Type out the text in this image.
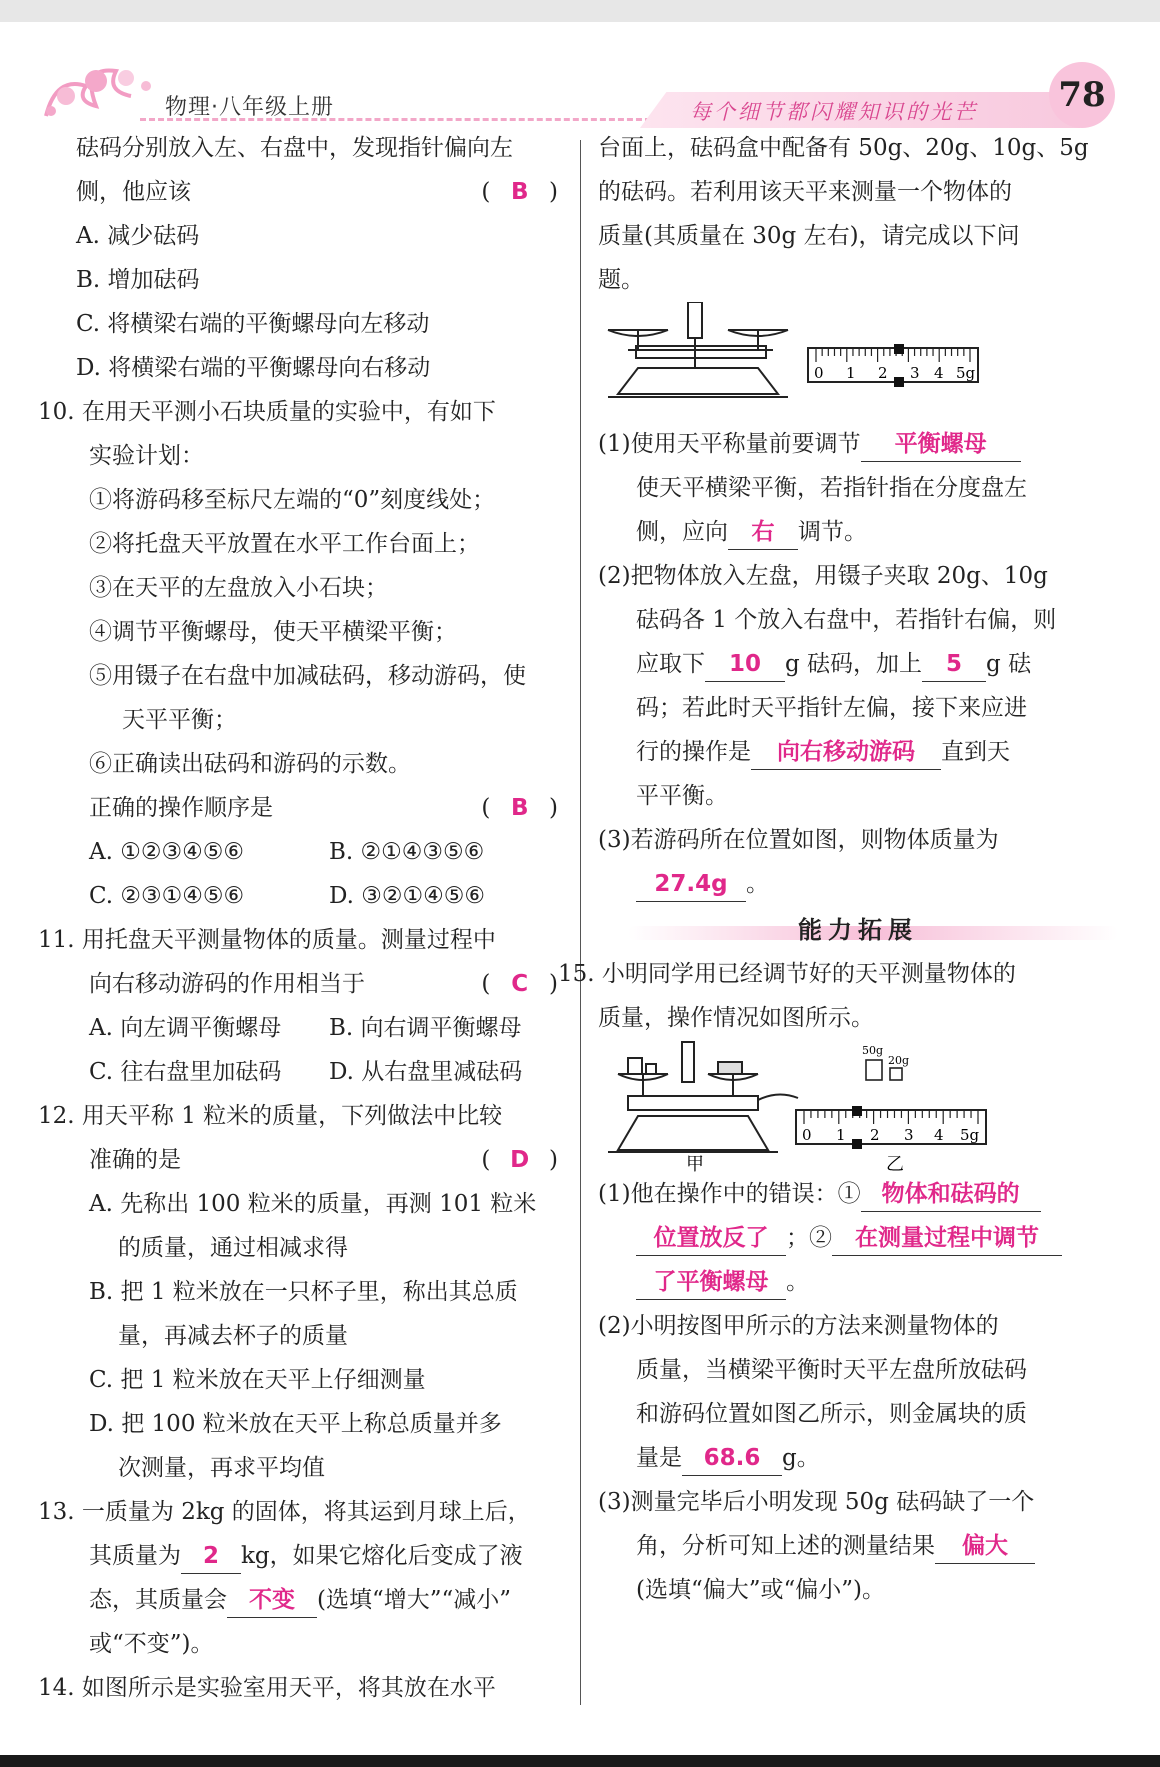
物理·八年级上册	每个细节都闪耀知识的光芒 78
砝码分别放入左、右盘中，发现指针偏向左
侧，他应该	( B )
A. 减少砝码
B. 增加砝码
C. 将横梁右端的平衡螺母向左移动
D. 将横梁右端的平衡螺母向右移动
10. 在用天平测小石块质量的实验中，有如下
实验计划：
①将游码移至标尺左端的“0”刻度线处；
②将托盘天平放置在水平工作台面上；
③在天平的左盘放入小石块；
④调节平衡螺母，使天平横梁平衡；
⑤用镊子在右盘中加减砝码，移动游码，使
天平平衡；
⑥正确读出砝码和游码的示数。
正确的操作顺序是	( B )
A. ①②③④⑤⑥	B. ②①④③⑤⑥
C. ②③①④⑤⑥	D. ③②①④⑤⑥
11. 用托盘天平测量物体的质量。测量过程中
向右移动游码的作用相当于	( C )
A. 向左调平衡螺母	B. 向右调平衡螺母
C. 往右盘里加砝码	D. 从右盘里减砝码
12. 用天平称 1 粒米的质量，下列做法中比较
准确的是	( D )
A. 先称出 100 粒米的质量，再测 101 粒米
的质量，通过相减求得
B. 把 1 粒米放在一只杯子里，称出其总质
量，再减去杯子的质量
C. 把 1 粒米放在天平上仔细测量
D. 把 100 粒米放在天平上称总质量并多
次测量，再求平均值
13. 一质量为 2kg 的固体，将其运到月球上后，
其质量为 2 kg，如果它熔化后变成了液
态，其质量会 不变 (选填“增大”“减小”
或“不变”)。
14. 如图所示是实验室用天平，将其放在水平
台面上，砝码盒中配备有 50g、20g、10g、5g
的砝码。若利用该天平来测量一个物体的
质量(其质量在 30g 左右)，请完成以下问
题。
0 1 2 3 4 5g
(1)使用天平称量前要调节 平衡螺母
使天平横梁平衡，若指针指在分度盘左
侧，应向 右 调节。
(2)把物体放入左盘，用镊子夹取 20g、10g
砝码各 1 个放入右盘中，若指针右偏，则
应取下 10 g 砝码，加上 5 g 砝
码；若此时天平指针左偏，接下来应进
行的操作是 向右移动游码 直到天
平平衡。
(3)若游码所在位置如图，则物体质量为
27.4g 。
能力拓展
15. 小明同学用已经调节好的天平测量物体的
质量，操作情况如图所示。
甲
50g
20g
0 1 2 3 4 5g
乙
(1)他在操作中的错误：① 物体和砝码的
位置放反了 ；② 在测量过程中调节
了平衡螺母 。
(2)小明按图甲所示的方法来测量物体的
质量，当横梁平衡时天平左盘所放砝码
和游码位置如图乙所示，则金属块的质
量是 68.6 g。
(3)测量完毕后小明发现 50g 砝码缺了一个
角，分析可知上述的测量结果 偏大
(选填“偏大”或“偏小”)。
